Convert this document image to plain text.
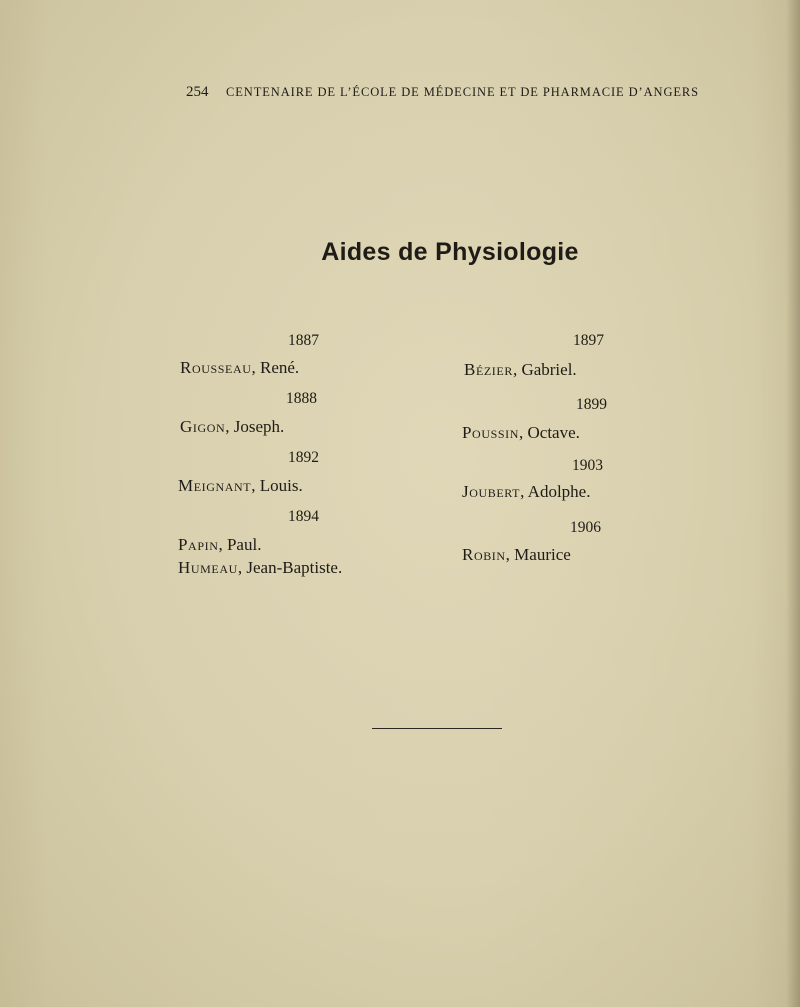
254 CENTENAIRE DE L’ÉCOLE DE MÉDECINE ET DE PHARMACIE D’ANGERS
Aides de Physiologie
1887
Rousseau, René.
1888
Gigon, Joseph.
1892
Meignant, Louis.
1894
Papin, Paul.
Humeau, Jean-Baptiste.
1897
Bézier, Gabriel.
1899
Poussin, Octave.
1903
Joubert, Adolphe.
1906
Robin, Maurice
